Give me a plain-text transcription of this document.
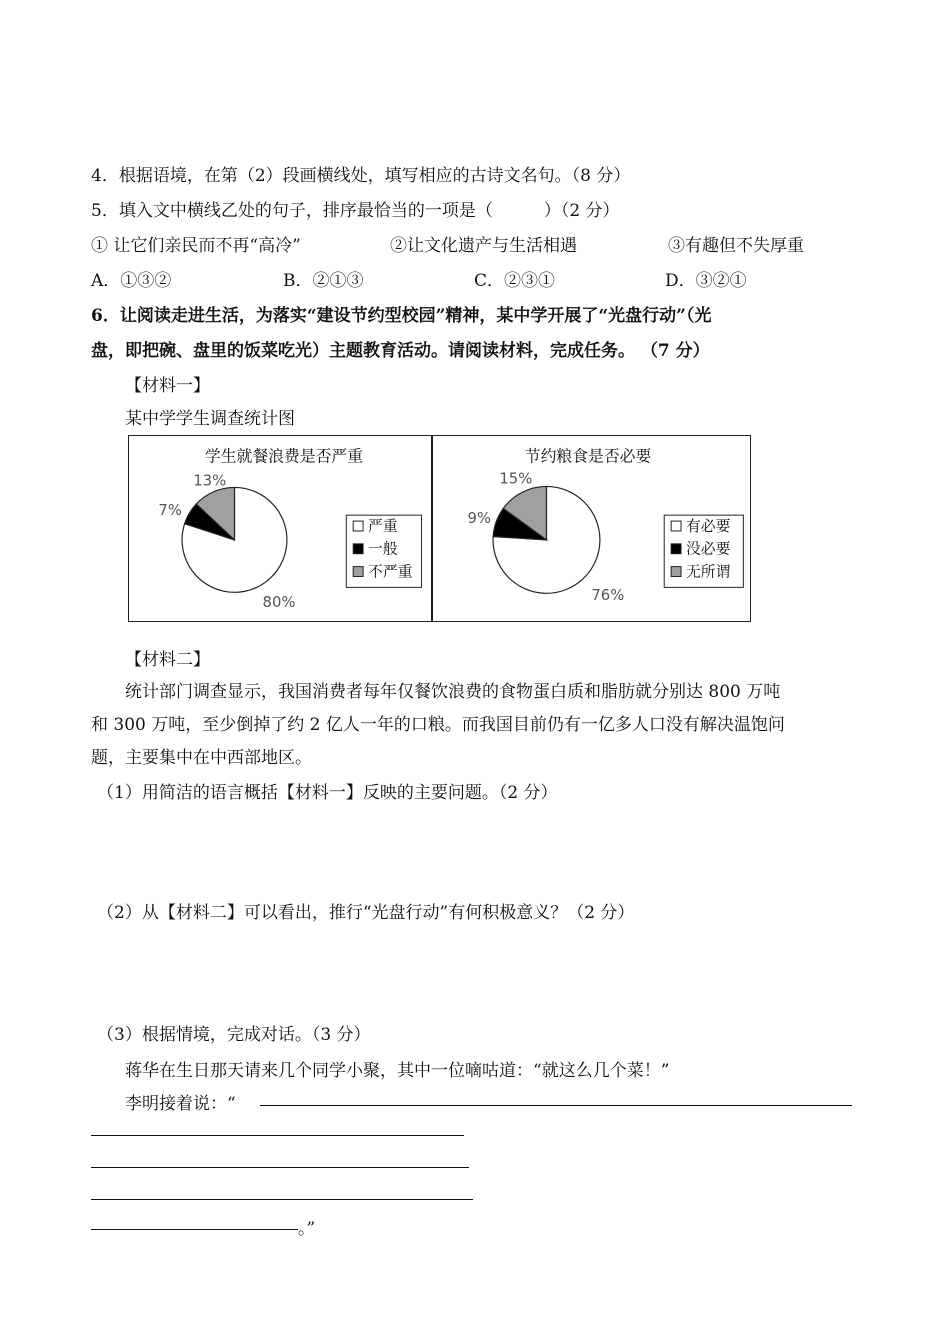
4．根据语境，在第（2）段画横线处，填写相应的古诗文名句。（8 分）
5．填入文中横线乙处的句子，排序最恰当的一项是（　　　）（2 分）
① 让它们亲民而不再“高冷”	②让文化遗产与生活相遇	③有趣但不失厚重
A．①③②	B．②①③	C．②③①	D．③②①
6．让阅读走进生活，为落实“建设节约型校园”精神，某中学开展了“光盘行动”（光
盘，即把碗、盘里的饭菜吃光）主题教育活动。请阅读材料，完成任务。 （7 分）
【材料一】
某中学学生调查统计图
学生就餐浪费是否严重
80%
7%
13%
严重
一般
不严重
节约粮食是否必要
76%
9%
15%
有必要
没必要
无所谓
【材料二】
统计部门调查显示，我国消费者每年仅餐饮浪费的食物蛋白质和脂肪就分别达 800 万吨
和 300 万吨，至少倒掉了约 2 亿人一年的口粮。而我国目前仍有一亿多人口没有解决温饱问
题，主要集中在中西部地区。
（1）用简洁的语言概括【材料一】反映的主要问题。（2 分）
（2）从【材料二】可以看出，推行“光盘行动”有何积极意义？（2 分）
（3）根据情境，完成对话。（3 分）
蒋华在生日那天请来几个同学小聚，其中一位嘀咕道：“就这么几个菜！”
李明接着说：“
。”
